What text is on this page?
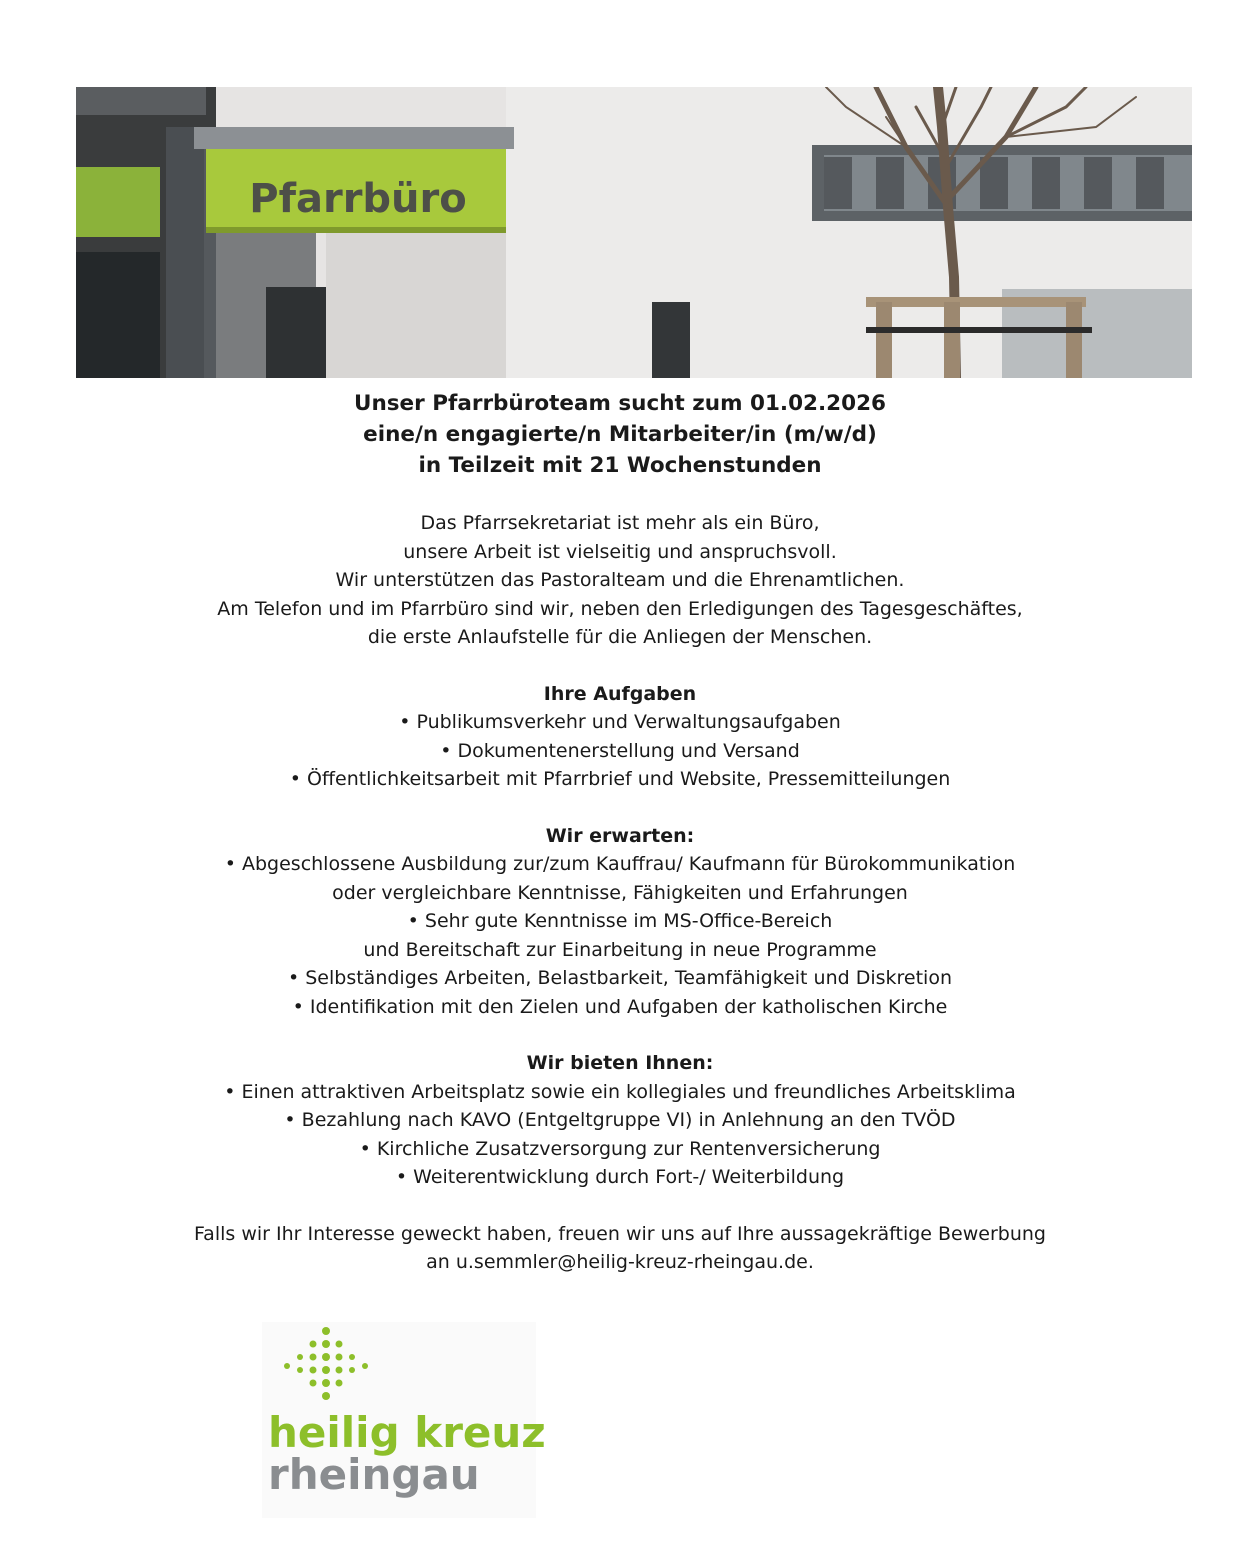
Pfarrbüro
Unser Pfarrbüroteam sucht zum 01.02.2026
eine/n engagierte/n Mitarbeiter/in (m/w/d)
in Teilzeit mit 21 Wochenstunden
Das Pfarrsekretariat ist mehr als ein Büro,
unsere Arbeit ist vielseitig und anspruchsvoll.
Wir unterstützen das Pastoralteam und die Ehrenamtlichen.
Am Telefon und im Pfarrbüro sind wir, neben den Erledigungen des Tagesgeschäftes,
die erste Anlaufstelle für die Anliegen der Menschen.
Ihre Aufgaben
• Publikumsverkehr und Verwaltungsaufgaben
• Dokumentenerstellung und Versand
• Öffentlichkeitsarbeit mit Pfarrbrief und Website, Pressemitteilungen
Wir erwarten:
• Abgeschlossene Ausbildung zur/zum Kauffrau/ Kaufmann für Bürokommunikation
oder vergleichbare Kenntnisse, Fähigkeiten und Erfahrungen
• Sehr gute Kenntnisse im MS-Office-Bereich
und Bereitschaft zur Einarbeitung in neue Programme
• Selbständiges Arbeiten, Belastbarkeit, Teamfähigkeit und Diskretion
• Identifikation mit den Zielen und Aufgaben der katholischen Kirche
Wir bieten Ihnen:
• Einen attraktiven Arbeitsplatz sowie ein kollegiales und freundliches Arbeitsklima
• Bezahlung nach KAVO (Entgeltgruppe VI) in Anlehnung an den TVÖD
• Kirchliche Zusatzversorgung zur Rentenversicherung
• Weiterentwicklung durch Fort-/ Weiterbildung
Falls wir Ihr Interesse geweckt haben, freuen wir uns auf Ihre aussagekräftige Bewerbung
an u.semmler@heilig-kreuz-rheingau.de.
heilig kreuz
rheingau
